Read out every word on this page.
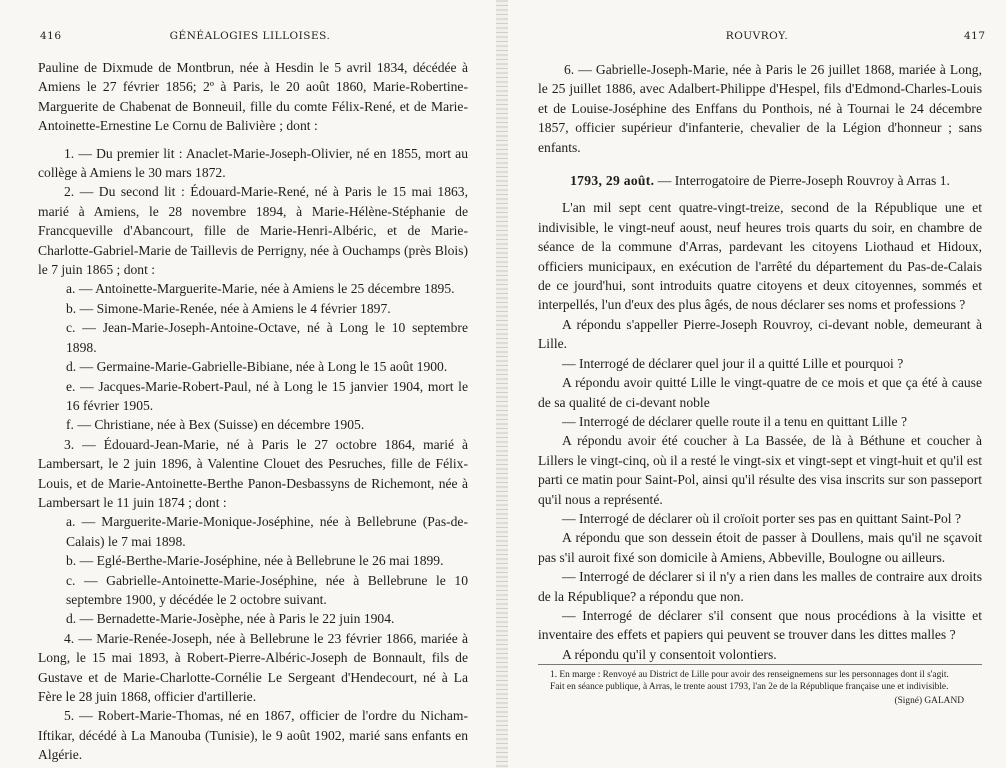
416	GÉNÉALOGIES LILLOISES.

Pauline de Dixmude de Montbrun, née à Hesdin le 5 avril 1834, décédée à Amiens le 27 février 1856; 2º à Paris, le 20 août 1860, Marie-Robertine-Marguerite de Chabenat de Bonneuil, fille du comte Félix-René, et de Marie-Antoinette-Ernestine Le Cornu de Balivière ; dont :

1. — Du premier lit : Anaclet-Marie-Joseph-Olivier, né en 1855, mort au collège à Amiens le 30 mars 1872.

2. — Du second lit : Édouard-Marie-René, né à Paris le 15 mai 1863, marié à Amiens, le 28 novembre 1894, à Marie-Hélène-Stéphanie de Francqueville d'Abancourt, fille de Marie-Henri-Albéric, et de Marie-Charlotte-Gabriel-Marie de Taillevis de Perrigny, née à Ouchamps (près Blois) le 7 juin 1865 ; dont :

a. — Antoinette-Marguerite-Marie, née à Amiens le 25 décembre 1895.

b. — Simone-Marie-Renée, née à Amiens le 4 février 1897.

c. — Jean-Marie-Joseph-Antoine-Octave, né à Long le 10 septembre 1898.

d. — Germaine-Marie-Gabrielle-Bibiane, née à Long le 15 août 1900.

e. — Jacques-Marie-Robert-Paul, né à Long le 15 janvier 1904, mort le 16 février 1905.

f. — Christiane, née à Bex (Suisse) en décembre 1905.

3. — Édouard-Jean-Marie, né à Paris le 27 octobre 1864, marié à Lambersart, le 2 juin 1896, à Valentine Clouet des Pesruches, fille de Félix-Louis, et de Marie-Antoinette-Berthe Panon-Desbassyns de Richemont, née à Lambersart le 11 juin 1874 ; dont :

a. — Marguerite-Marie-Monique-Joséphine, née à Bellebrune (Pas-de-Calais) le 7 mai 1898.

b. — Eglé-Berthe-Marie-Joséphine, née à Bellebrune le 26 mai 1899.

c. — Gabrielle-Antoinette-Marie-Joséphine, née à Bellebrune le 10 septembre 1900, y décédée le 2 octobre suivant.

d. — Bernadette-Marie-Josèphe, née à Paris le 22 juin 1904.

4. — Marie-Renée-Joseph, née à Bellebrune le 23 février 1866, mariée à Long, le 15 mai 1893, à Robert-Pierre-Albéric-Joseph de Bonnault, fils de Gustave et de Marie-Charlotte-Cornélie Le Sergeant d'Hendecourt, né à La Fère le 28 juin 1868, officier d'artillerie.

5. — Robert-Marie-Thomas, né en 1867, officier de l'ordre du Nicham-Iftikar, décédé à La Manouba (Tunisie), le 9 août 1902, marié sans enfants en Algérie.

ROUVROY.	417

6. — Gabrielle-Joseph-Marie, née à Paris le 26 juillet 1868, mariée à Long, le 25 juillet 1886, avec Adalbert-Philippe d'Hespel, fils d'Edmond-Charles-Louis et de Louise-Joséphine des Enffans du Ponthois, né à Tournai le 24 décembre 1857, officier supérieur d'infanterie, chevalier de la Légion d'honneur ; sans enfants.

1793, 29 août. — Interrogatoire de Pierre-Joseph Rouvroy à Arras 1.

L'an mil sept cent quatre-vingt-treize, second de la République une et indivisible, le vingt-neuf aoust, neuf heures trois quarts du soir, en chambre de séance de la commune d'Arras, pardevant les citoyens Liothaud et Hidoux, officiers municipaux, en exécution de l'arrêté du département du Pas-de-Calais de ce jourd'hui, sont introduits quatre citoyens et deux citoyennes, sommés et interpellés, l'un d'eux des plus âgés, de nous déclarer ses noms et professions ?

A répondu s'appeller Pierre-Joseph Rouvroy, ci-devant noble, demeurant à Lille.

— Interrogé de déclarer quel jour il a quitté Lille et pourquoi ?

A répondu avoir quitté Lille le vingt-quatre de ce mois et que ça été à cause de sa qualité de ci-devant noble

— Interrogé de déclarer quelle route il a tenu en quittant Lille ?

A répondu avoir été coucher à La Bassée, de là à Béthune et coucher à Lillers le vingt-cinq, où il a resté le vingt-six et vingt-sept et vingt-huit et qu'il est parti ce matin pour Saint-Pol, ainsi qu'il résulte des visa inscrits sur son passeport qu'il nous a représenté.

— Interrogé de déclarer où il croïoit porter ses pas en quittant Saint-Pol ?

A répondu que son dessein étoit de passer à Doullens, mais qu'il ne sçavoit pas s'il auroit fixé son domicile à Amiens, Abbeville, Boulogne ou ailleurs.

— Interrogé de déclarer si il n'y a rien dans les malles de contraire aux droits de la République? a répondu que non.

— Interrogé de déclarer s'il consent que nous procédions à la visitte et inventaire des effets et papiers qui peuvent se trouver dans les dittes malles ?

A répondu qu'il y consentoit volontiers.

1. En marge : Renvoyé au District de Lille pour avoir des renseignemens sur les personnages dont il s'agit.

Fait en séance publique, à Arras, le trente aoust 1793, l'an 2e de la République française une et indivisible.

(Signé) GALAND
